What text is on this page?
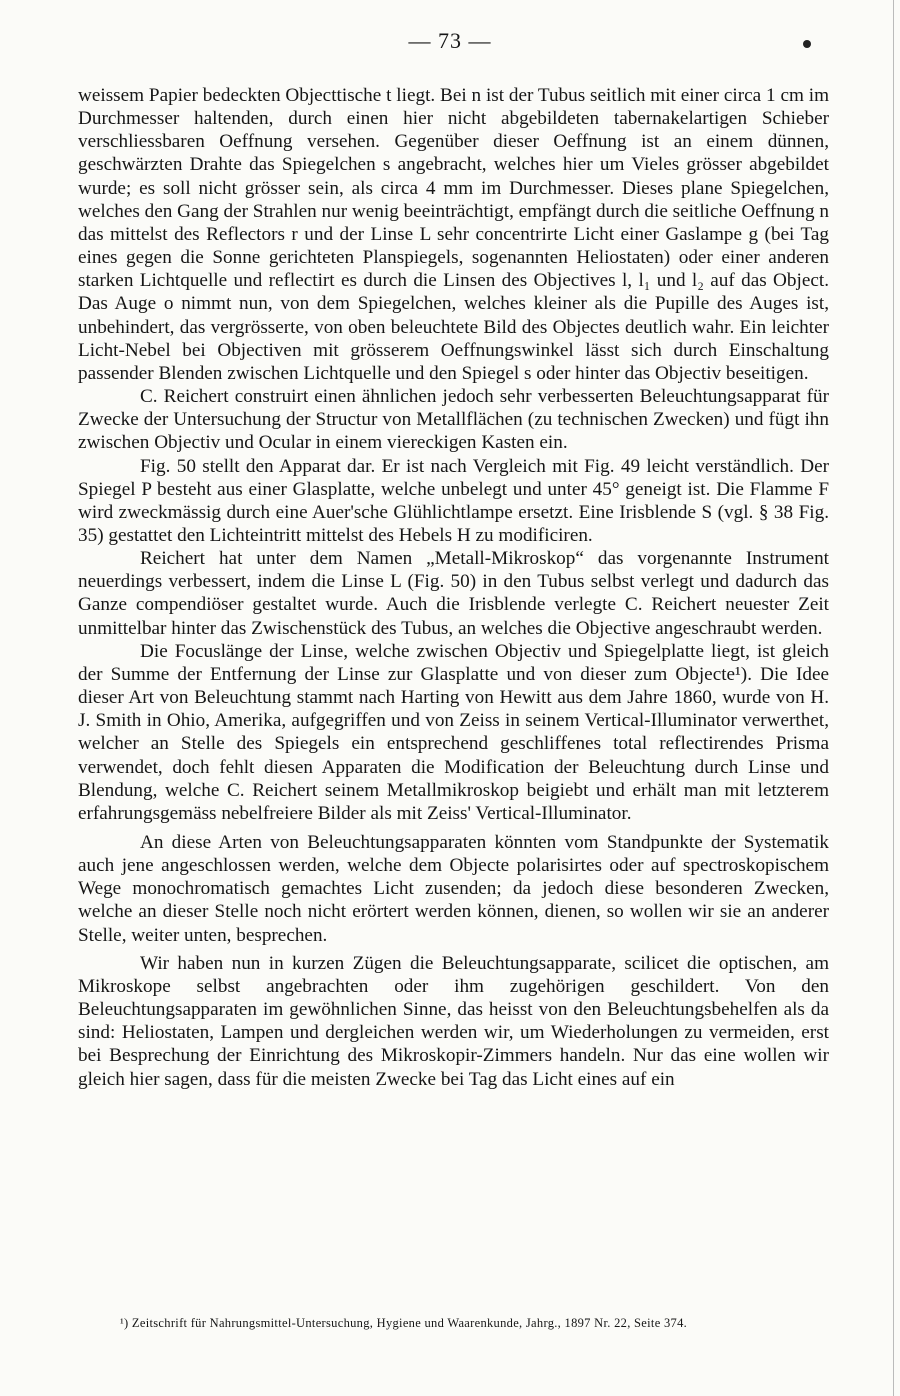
— 73 —

weissem Papier bedeckten Objecttische t liegt. Bei n ist der Tubus seitlich mit einer circa 1 cm im Durchmesser haltenden, durch einen hier nicht abgebildeten tabernakelartigen Schieber verschliessbaren Oeffnung versehen. Gegenüber dieser Oeffnung ist an einem dünnen, geschwärzten Drahte das Spiegelchen s angebracht, welches hier um Vieles grösser abgebildet wurde; es soll nicht grösser sein, als circa 4 mm im Durchmesser. Dieses plane Spiegelchen, welches den Gang der Strahlen nur wenig beeinträchtigt, empfängt durch die seitliche Oeffnung n das mittelst des Reflectors r und der Linse L sehr concentrirte Licht einer Gaslampe g (bei Tag eines gegen die Sonne gerichteten Planspiegels, sogenannten Heliostaten) oder einer anderen starken Lichtquelle und reflectirt es durch die Linsen des Objectives l, l₁ und l₂ auf das Object. Das Auge o nimmt nun, von dem Spiegelchen, welches kleiner als die Pupille des Auges ist, unbehindert, das vergrösserte, von oben beleuchtete Bild des Objectes deutlich wahr. Ein leichter Licht-Nebel bei Objectiven mit grösserem Oeffnungswinkel lässt sich durch Einschaltung passender Blenden zwischen Lichtquelle und den Spiegel s oder hinter das Objectiv beseitigen.

C. Reichert construirt einen ähnlichen jedoch sehr verbesserten Beleuchtungsapparat für Zwecke der Untersuchung der Structur von Metallflächen (zu technischen Zwecken) und fügt ihn zwischen Objectiv und Ocular in einem viereckigen Kasten ein.

Fig. 50 stellt den Apparat dar. Er ist nach Vergleich mit Fig. 49 leicht verständlich. Der Spiegel P besteht aus einer Glasplatte, welche unbelegt und unter 45° geneigt ist. Die Flamme F wird zweckmässig durch eine Auer'sche Glühlichtlampe ersetzt. Eine Irisblende S (vgl. § 38 Fig. 35) gestattet den Lichteintritt mittelst des Hebels H zu modificiren.

Reichert hat unter dem Namen „Metall-Mikroskop“ das vorgenannte Instrument neuerdings verbessert, indem die Linse L (Fig. 50) in den Tubus selbst verlegt und dadurch das Ganze compendiöser gestaltet wurde. Auch die Irisblende verlegte C. Reichert neuester Zeit unmittelbar hinter das Zwischenstück des Tubus, an welches die Objective angeschraubt werden.

Die Focuslänge der Linse, welche zwischen Objectiv und Spiegelplatte liegt, ist gleich der Summe der Entfernung der Linse zur Glasplatte und von dieser zum Objecte¹). Die Idee dieser Art von Beleuchtung stammt nach Harting von Hewitt aus dem Jahre 1860, wurde von H. J. Smith in Ohio, Amerika, aufgegriffen und von Zeiss in seinem Vertical-Illuminator verwerthet, welcher an Stelle des Spiegels ein entsprechend geschliffenes total reflectirendes Prisma verwendet, doch fehlt diesen Apparaten die Modification der Beleuchtung durch Linse und Blendung, welche C. Reichert seinem Metallmikroskop beigiebt und erhält man mit letzterem erfahrungsgemäss nebelfreiere Bilder als mit Zeiss' Vertical-Illuminator.

An diese Arten von Beleuchtungsapparaten könnten vom Standpunkte der Systematik auch jene angeschlossen werden, welche dem Objecte polarisirtes oder auf spectroskopischem Wege monochromatisch gemachtes Licht zusenden; da jedoch diese besonderen Zwecken, welche an dieser Stelle noch nicht erörtert werden können, dienen, so wollen wir sie an anderer Stelle, weiter unten, besprechen.

Wir haben nun in kurzen Zügen die Beleuchtungsapparate, scilicet die optischen, am Mikroskope selbst angebrachten oder ihm zugehörigen geschildert. Von den Beleuchtungsapparaten im gewöhnlichen Sinne, das heisst von den Beleuchtungsbehelfen als da sind: Heliostaten, Lampen und dergleichen werden wir, um Wiederholungen zu vermeiden, erst bei Besprechung der Einrichtung des Mikroskopir-Zimmers handeln. Nur das eine wollen wir gleich hier sagen, dass für die meisten Zwecke bei Tag das Licht eines auf ein

¹) Zeitschrift für Nahrungsmittel-Untersuchung, Hygiene und Waarenkunde, Jahrg., 1897 Nr. 22, Seite 374.
